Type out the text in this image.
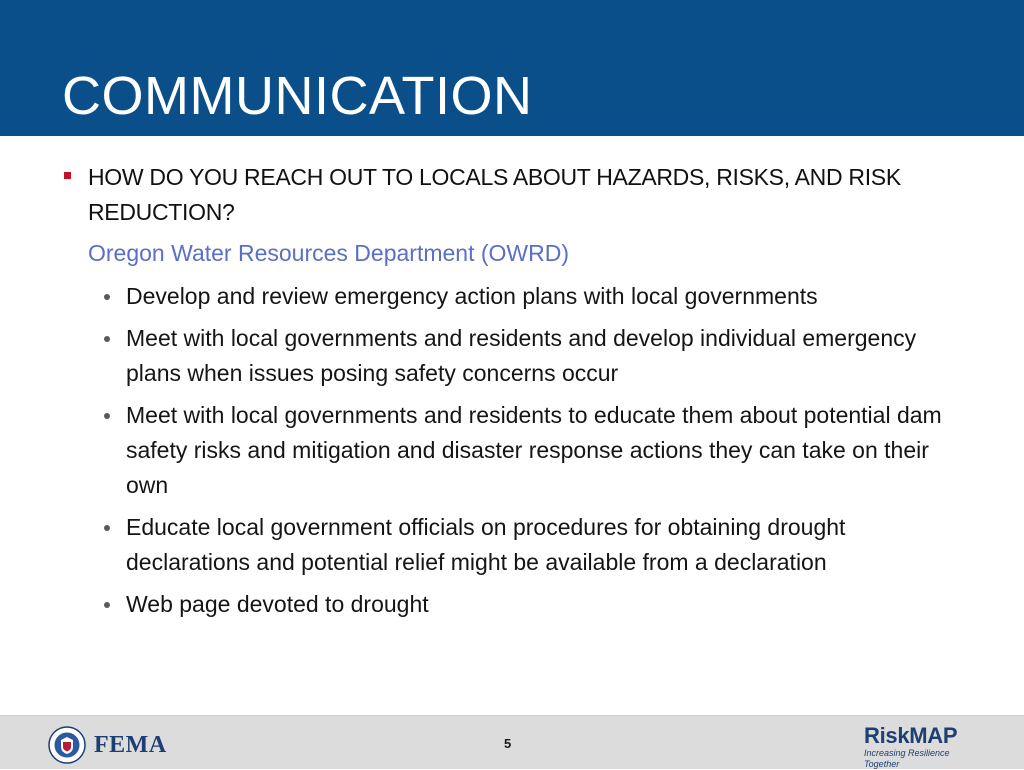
COMMUNICATION
HOW DO YOU REACH OUT TO LOCALS ABOUT HAZARDS, RISKS, AND RISK REDUCTION?
Oregon Water Resources Department (OWRD)
Develop and review emergency action plans with local governments
Meet with local governments and residents and develop individual emergency plans when issues posing safety concerns occur
Meet with local governments and residents to educate them about potential dam safety risks and mitigation and disaster response actions they can take on their own
Educate local government officials on procedures for obtaining drought declarations and potential relief might be available from a declaration
Web page devoted to drought
FEMA	5	RiskMAP
Increasing Resilience Together
